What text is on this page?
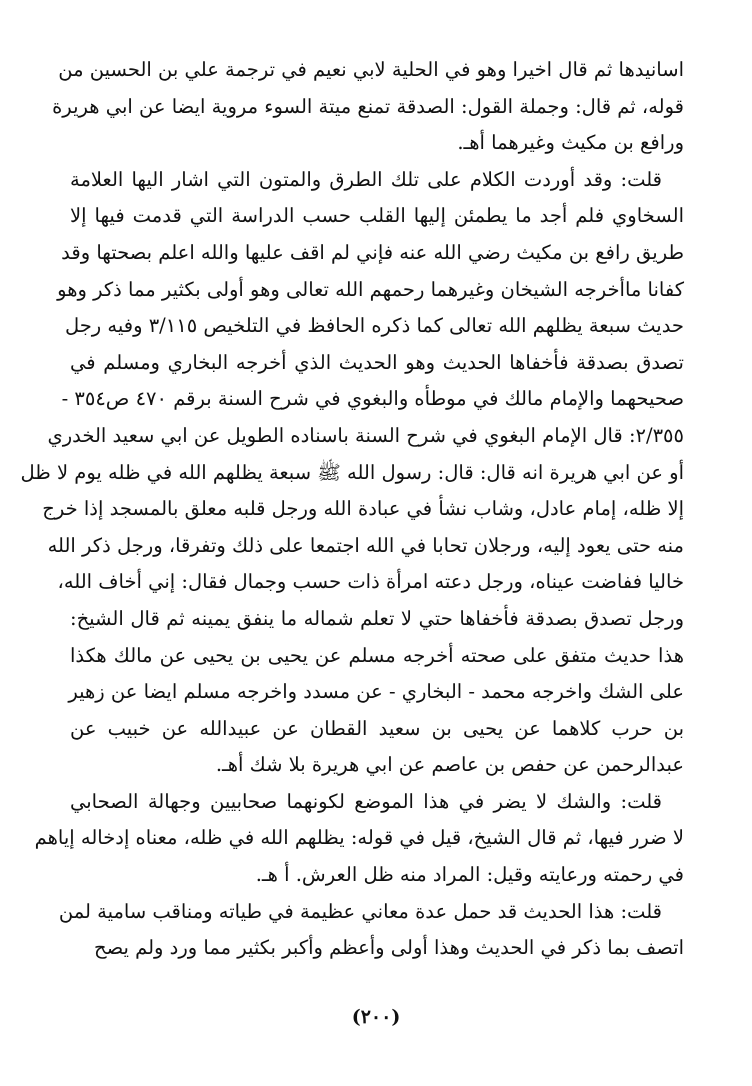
اسانيدها ثم قال اخيرا وهو في الحلية لابي نعيم في ترجمة علي بن الحسين من
قوله، ثم قال: وجملة القول: الصدقة تمنع ميتة السوء مروية ايضا عن ابي هريرة
ورافع بن مكيث وغيرهما أهـ.
قلت: وقد أوردت الكلام على تلك الطرق والمتون التي اشار اليها العلامة
السخاوي فلم أجد ما يطمئن إليها القلب حسب الدراسة التي قدمت فيها إلا
طريق رافع بن مكيث رضي الله عنه فإني لم اقف عليها والله اعلم بصحتها وقد
كفانا ماأخرجه الشيخان وغيرهما رحمهم الله تعالى وهو أولى بكثير مما ذكر وهو
حديث سبعة يظلهم الله تعالى كما ذكره الحافظ في التلخيص ٣/١١٥ وفيه رجل
تصدق بصدقة فأخفاها الحديث وهو الحديث الذي أخرجه البخاري ومسلم في
صحيحهما والإمام مالك في موطأه والبغوي في شرح السنة برقم ٤٧٠ ص٣٥٤ -
٢/٣٥٥: قال الإمام البغوي في شرح السنة باسناده الطويل عن ابي سعيد الخدري
أو عن ابي هريرة انه قال: قال: رسول الله ﷺ سبعة يظلهم الله في ظله يوم لا ظل
إلا ظله، إمام عادل، وشاب نشأ في عبادة الله ورجل قلبه معلق بالمسجد إذا خرج
منه حتى يعود إليه، ورجلان تحابا في الله اجتمعا على ذلك وتفرقا، ورجل ذكر الله
خاليا ففاضت عيناه، ورجل دعته امرأة ذات حسب وجمال فقال: إني أخاف الله،
ورجل تصدق بصدقة فأخفاها حتي لا تعلم شماله ما ينفق يمينه ثم قال الشيخ:
هذا حديث متفق على صحته أخرجه مسلم عن يحيى بن يحيى عن مالك هكذا
على الشك واخرجه محمد - البخاري - عن مسدد واخرجه مسلم ايضا عن زهير
بن حرب كلاهما عن يحيى بن سعيد القطان عن عبيدالله عن خبيب عن
عبدالرحمن عن حفص بن عاصم عن ابي هريرة بلا شك أهـ.
قلت: والشك لا يضر في هذا الموضع لكونهما صحابيين وجهالة الصحابي
لا ضرر فيها، ثم قال الشيخ، قيل في قوله: يظلهم الله في ظله، معناه إدخاله إياهم
في رحمته ورعايته وقيل: المراد منه ظل العرش. أ هـ.
قلت: هذا الحديث قد حمل عدة معاني عظيمة في طياته ومناقب سامية لمن
اتصف بما ذكر في الحديث وهذا أولى وأعظم وأكبر بكثير مما ورد ولم يصح
(٢٠٠)
